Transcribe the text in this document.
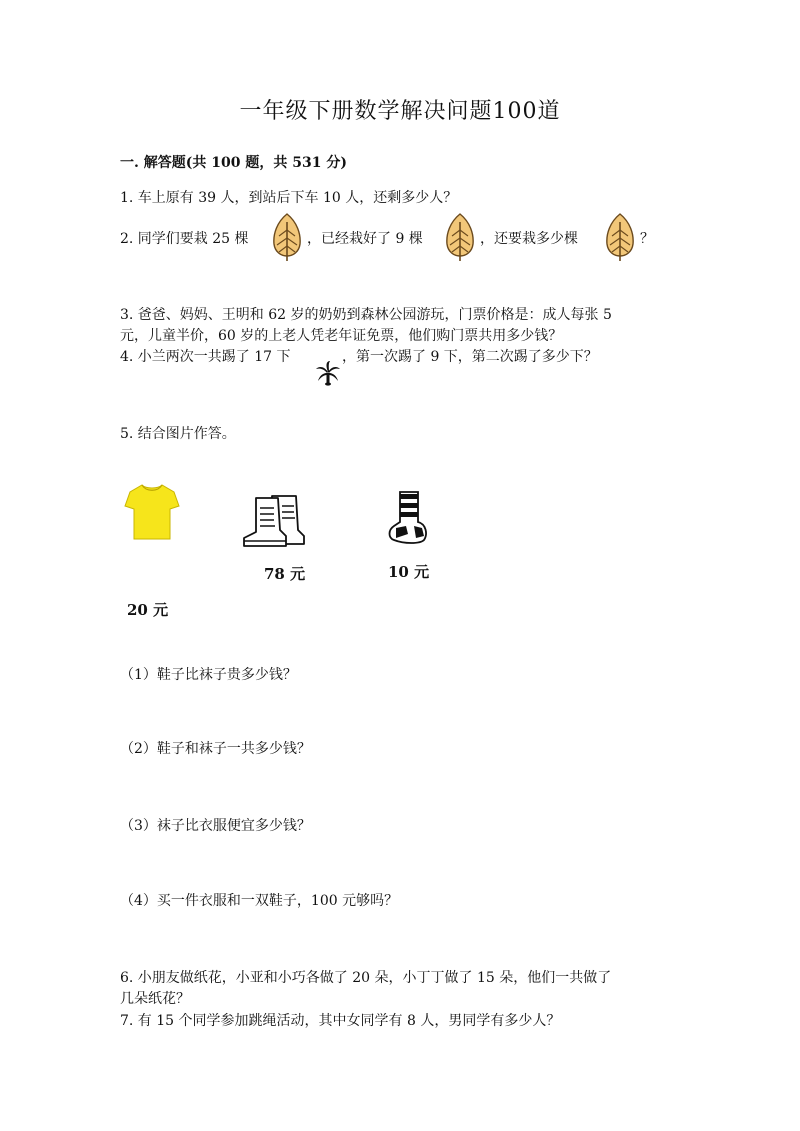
一年级下册数学解决问题100道
一. 解答题(共 100 题，共 531 分)
1. 车上原有 39 人，到站后下车 10 人，还剩多少人？
2. 同学们要栽 25 棵	，已经栽好了 9 棵	，还要栽多少棵	？
3. 爸爸、妈妈、王明和 62 岁的奶奶到森林公园游玩，门票价格是：成人每张 5
元，儿童半价，60 岁的上老人凭老年证免票，他们购门票共用多少钱？
4. 小兰两次一共踢了 17 下	，第一次踢了 9 下，第二次踢了多少下？
5. 结合图片作答。
78 元	10 元
20 元
（1）鞋子比袜子贵多少钱？
（2）鞋子和袜子一共多少钱？
（3）袜子比衣服便宜多少钱？
（4）买一件衣服和一双鞋子，100 元够吗？
6. 小朋友做纸花，小亚和小巧各做了 20 朵，小丁丁做了 15 朵，他们一共做了
几朵纸花？
7. 有 15 个同学参加跳绳活动，其中女同学有 8 人，男同学有多少人？
